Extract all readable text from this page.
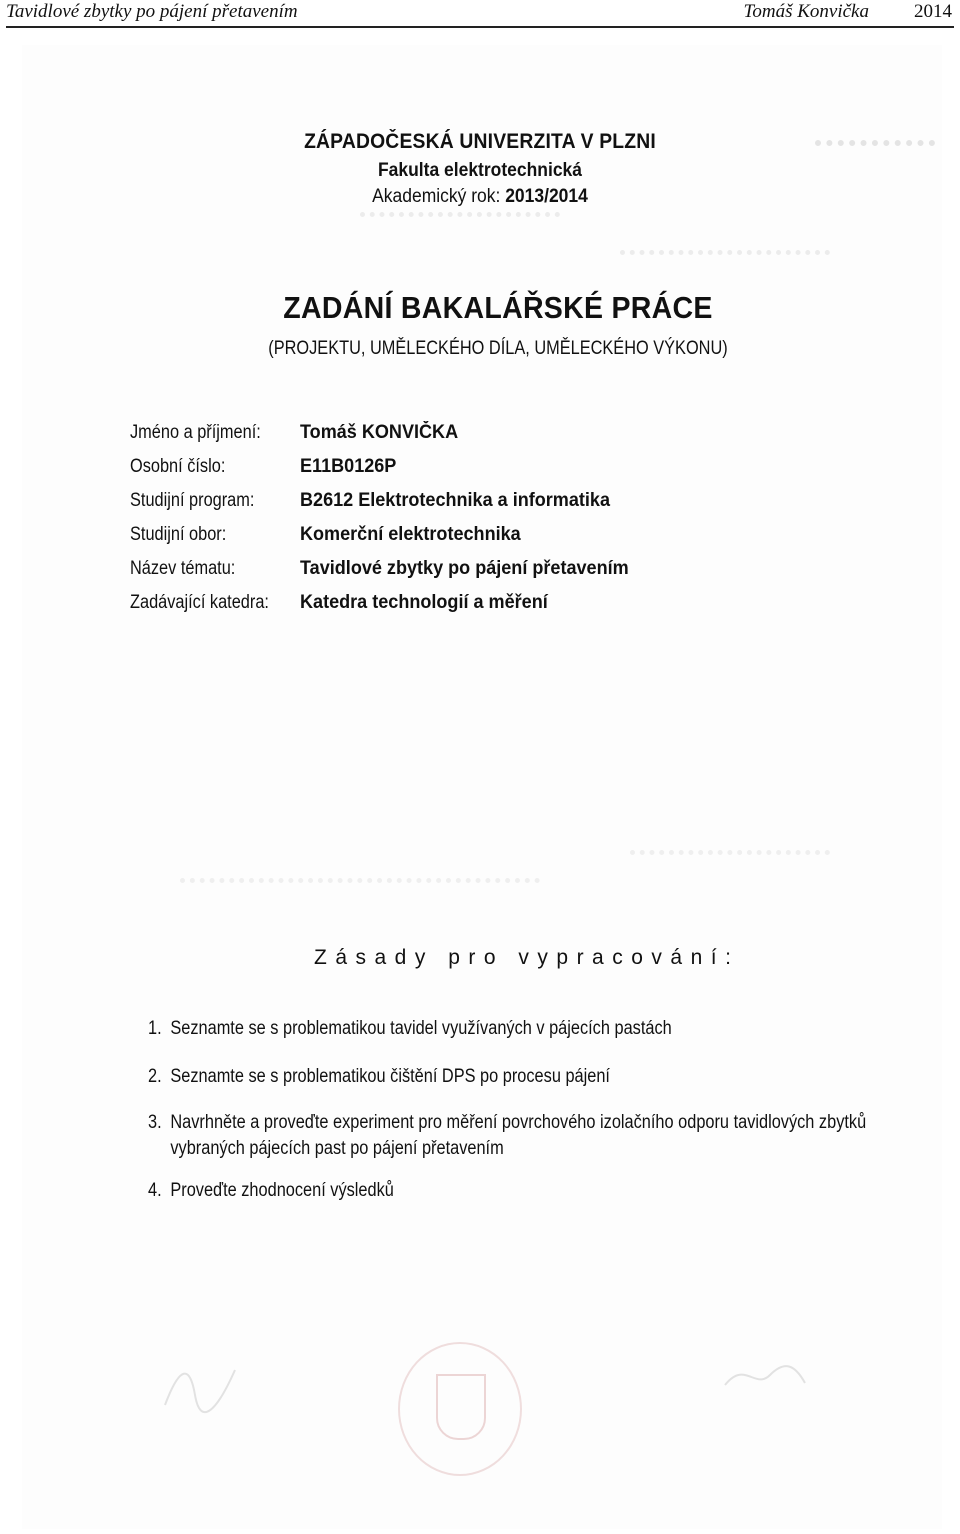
Tavidlové zbytky po pájení přetavením	Tomáš Konvička 2014
ZÁPADOČESKÁ UNIVERZITA V PLZNI
Fakulta elektrotechnická
Akademický rok: 2013/2014
ZADÁNÍ BAKALÁŘSKÉ PRÁCE
(PROJEKTU, UMĚLECKÉHO DÍLA, UMĚLECKÉHO VÝKONU)
Jméno a příjmení: Tomáš KONVIČKA
Osobní číslo:	E11B0126P
Studijní program: B2612 Elektrotechnika a informatika
Studijní obor:	Komerční elektrotechnika
Název tématu:	Tavidlové zbytky po pájení přetavením
Zadávající katedra: Katedra technologií a měření
Zásady pro vypracování:
1. Seznamte se s problematikou tavidel využívaných v pájecích pastách
2. Seznamte se s problematikou čištění DPS po procesu pájení
3. Navrhněte a proveďte experiment pro měření povrchového izolačního odporu tavidlových zbytků vybraných pájecích past po pájení přetavením
4. Proveďte zhodnocení výsledků
